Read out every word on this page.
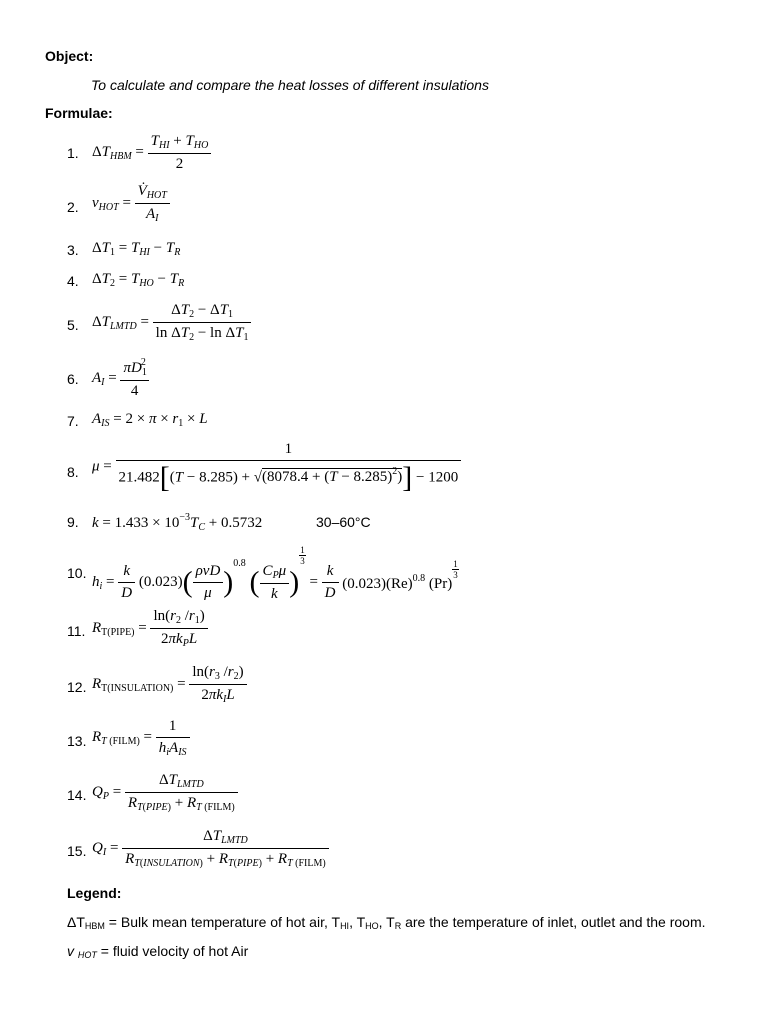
Object:
To calculate and compare the heat losses of different insulations
Formulae:
1.
2.
3.
4.
5.
6.
7.
8.
9.
10.
11.
12.
13.
14.
15.
$\Delta T_{HBM}$ =
$T_{HI} + T_{HO}$
2
$v_{HOT}$ =
$V̇_{HOT}$
$A_I$
$\Delta T_1 = T_{HI} - T_R$
$\Delta T_2 = T_{HO} - T_R$
$\Delta T_{LMTD} = \frac{\Delta T_2 - \Delta T_1}{\ln \Delta T_2 - \ln \Delta T_1}$
$A_I = \frac{\pi D_1^2}{4}$
$A_{IS} = 2 \times \pi \times r_1 \times L$
$\mu = \frac{1}{21.482[(T - 8.285) + √(8078.4 + (T - 8.285)^2)] - 1200}$
$k = 1.433 \times 10^{-3}T_C + 0.5732$	30–60°C
$h_i = \frac{k}{D} (0.023)$( ρvD
μ )$^{0.8}$ ( $C_P\mu$
k )
$\frac{1}{3}$
= $\frac{k}{D} (0.023)(Re)^{0.8}$ (Pr)
$\frac{1}{3}$
$R_{T(PIPE)}$ =
$\ln(r_2$ $/r_1$)
$2\pi k_PL$
$R_{T(INSULATION)}$ =
$\ln(r_3$ $/r_2$)
$2\pi k_IL$
$R_{T (FILM)}$ =
1
$h_iA_{IS}$
$Q_P$ =
$\Delta T_{LMTD}$
$R_{T(PIPE)} + R_{T (FILM)}$
$Q_I$ =
$\Delta T_{LMTD}$
$R_{T(INSULATION)} + R_{T(PIPE)} + R_{T (FILM)}$
Legend:
$\Delta T_{HBM}$ = Bulk mean temperature of hot air, $T_{HI}$, $T_{HO}$, $T_R$ are the temperature of inlet, outlet and the room.
v $_{HOT}$ = fluid velocity of hot Air
